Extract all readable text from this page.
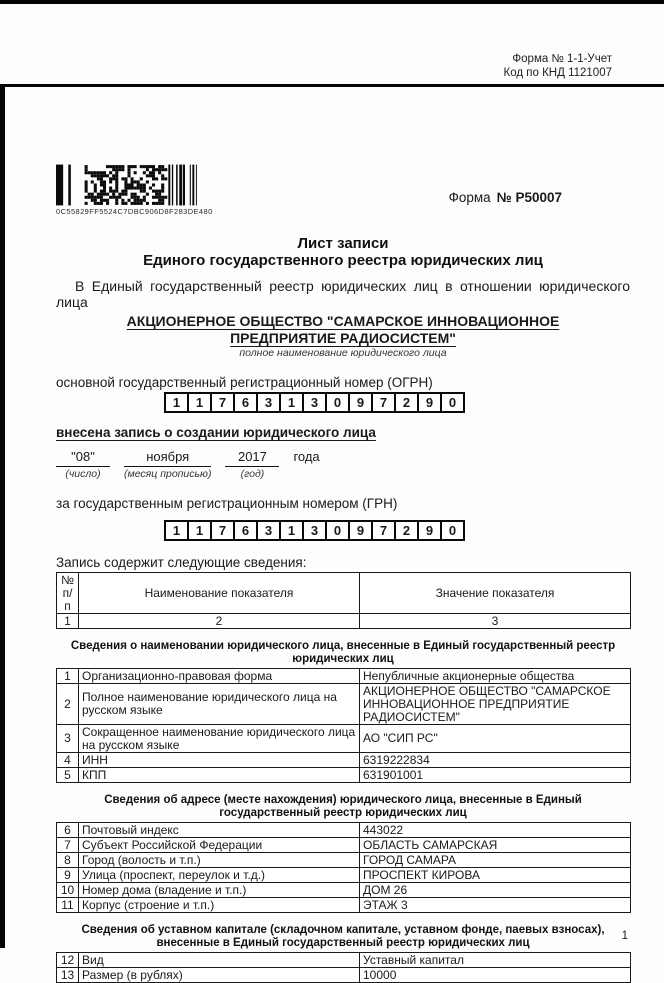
Форма № 1-1-Учет
Код по КНД 1121007
0C55829FF5524C7DBC906D8F283DE480
Форма № Р50007
Лист записи
Единого государственного реестра юридических лиц

В Единый государственный реестр юридических лиц в отношении юридического лица

АКЦИОНЕРНОЕ ОБЩЕСТВО "САМАРСКОЕ ИННОВАЦИОННОЕ
ПРЕДПРИЯТИЕ РАДИОСИСТЕМ"
полное наименование юридического лица
основной государственный регистрационный номер (ОГРН)
1	1	7	6	3	1	3	0	9	7	2	9	0
внесена запись о создании юридического лица
"08"
(число)
ноября
(месяц прописью)
2017
(год)
года
за государственным регистрационным номером (ГРН)
1	1	7	6	3	1	3	0	9	7	2	9	0
Запись содержит следующие сведения:
№
п/п	Наименование показателя	Значение показателя
1	2	3
Сведения о наименовании юридического лица, внесенные в Единый государственный реестр юридических лиц
1	Организационно-правовая форма	Непубличные акционерные общества
2	Полное наименование юридического лица на русском языке	АКЦИОНЕРНОЕ ОБЩЕСТВО "САМАРСКОЕ ИННОВАЦИОННОЕ ПРЕДПРИЯТИЕ РАДИОСИСТЕМ"
3	Сокращенное наименование юридического лица на русском языке	АО "СИП РС"
4	ИНН	6319222834
5	КПП	631901001
Сведения об адресе (месте нахождения) юридического лица, внесенные в Единый государственный реестр юридических лиц
6	Почтовый индекс	443022
7	Субъект Российской Федерации	ОБЛАСТЬ САМАРСКАЯ
8	Город (волость и т.п.)	ГОРОД САМАРА
9	Улица (проспект, переулок и т.д.)	ПРОСПЕКТ КИРОВА
10	Номер дома (владение и т.п.)	ДОМ 26
11	Корпус (строение и т.п.)	ЭТАЖ 3
Сведения об уставном капитале (складочном капитале, уставном фонде, паевых взносах), внесенные в Единый государственный реестр юридических лиц
12	Вид	Уставный капитал
13	Размер (в рублях)	10000
1
